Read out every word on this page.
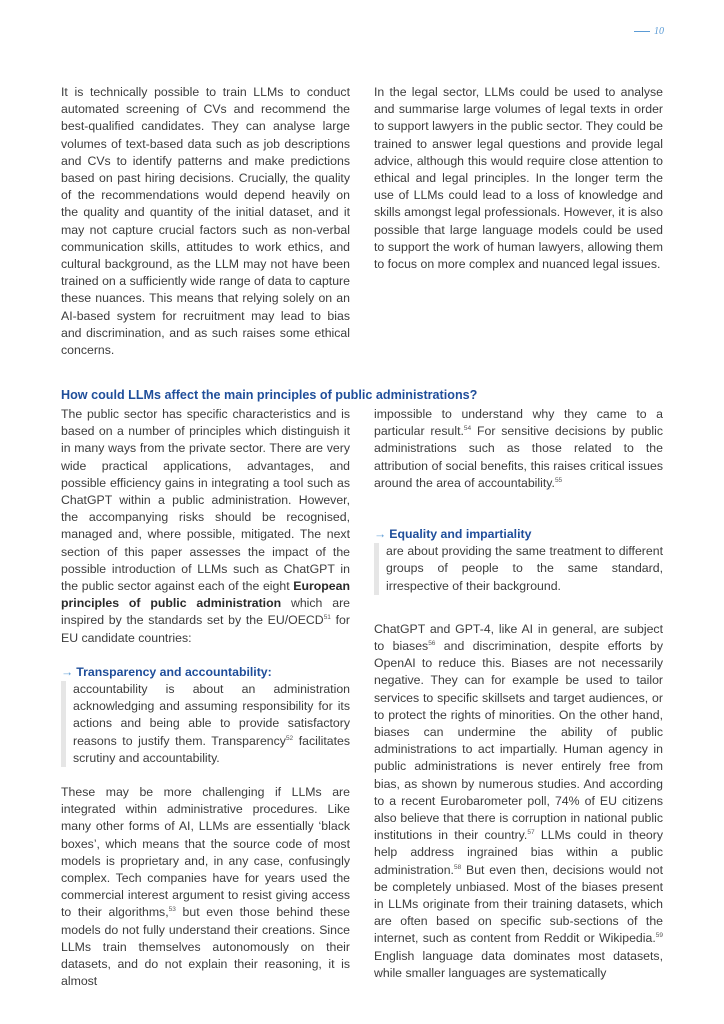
10

It is technically possible to train LLMs to conduct automated screening of CVs and recommend the best-qualified candidates. They can analyse large volumes of text-based data such as job descriptions and CVs to identify patterns and make predictions based on past hiring decisions. Crucially, the quality of the recommendations would depend heavily on the quality and quantity of the initial dataset, and it may not capture crucial factors such as non-verbal communication skills, attitudes to work ethics, and cultural background, as the LLM may not have been trained on a sufficiently wide range of data to capture these nuances. This means that relying solely on an AI-based system for recruitment may lead to bias and discrimination, and as such raises some ethical concerns.

In the legal sector, LLMs could be used to analyse and summarise large volumes of legal texts in order to support lawyers in the public sector. They could be trained to answer legal questions and provide legal advice, although this would require close attention to ethical and legal principles. In the longer term the use of LLMs could lead to a loss of knowledge and skills amongst legal professionals. However, it is also possible that large language models could be used to support the work of human lawyers, allowing them to focus on more complex and nuanced legal issues.

How could LLMs affect the main principles of public administrations?

The public sector has specific characteristics and is based on a number of principles which distinguish it in many ways from the private sector. There are very wide practical applications, advantages, and possible efficiency gains in integrating a tool such as ChatGPT within a public administration. However, the accompanying risks should be recognised, managed and, where possible, mitigated. The next section of this paper assesses the impact of the possible introduction of LLMs such as ChatGPT in the public sector against each of the eight European principles of public administration which are inspired by the standards set by the EU/OECD$^{51}$ for EU candidate countries:

→ Transparency and accountability:

accountability is about an administration acknowledging and assuming responsibility for its actions and being able to provide satisfactory reasons to justify them. Transparency$^{52}$ facilitates scrutiny and accountability.

These may be more challenging if LLMs are integrated within administrative procedures. Like many other forms of AI, LLMs are essentially ‘black boxes’, which means that the source code of most models is proprietary and, in any case, confusingly complex. Tech companies have for years used the commercial interest argument to resist giving access to their algorithms,$^{53}$ but even those behind these models do not fully understand their creations. Since LLMs train themselves autonomously on their datasets, and do not explain their reasoning, it is almost

impossible to understand why they came to a particular result.$^{54}$ For sensitive decisions by public administrations such as those related to the attribution of social benefits, this raises critical issues around the area of accountability.$^{55}$

→ Equality and impartiality

are about providing the same treatment to different groups of people to the same standard, irrespective of their background.

ChatGPT and GPT-4, like AI in general, are subject to biases$^{56}$ and discrimination, despite efforts by OpenAI to reduce this. Biases are not necessarily negative. They can for example be used to tailor services to specific skillsets and target audiences, or to protect the rights of minorities. On the other hand, biases can undermine the ability of public administrations to act impartially. Human agency in public administrations is never entirely free from bias, as shown by numerous studies. And according to a recent Eurobarometer poll, 74% of EU citizens also believe that there is corruption in national public institutions in their country.$^{57}$ LLMs could in theory help address ingrained bias within a public administration.$^{58}$ But even then, decisions would not be completely unbiased. Most of the biases present in LLMs originate from their training datasets, which are often based on specific sub-sections of the internet, such as content from Reddit or Wikipedia.$^{59}$ English language data dominates most datasets, while smaller languages are systematically
